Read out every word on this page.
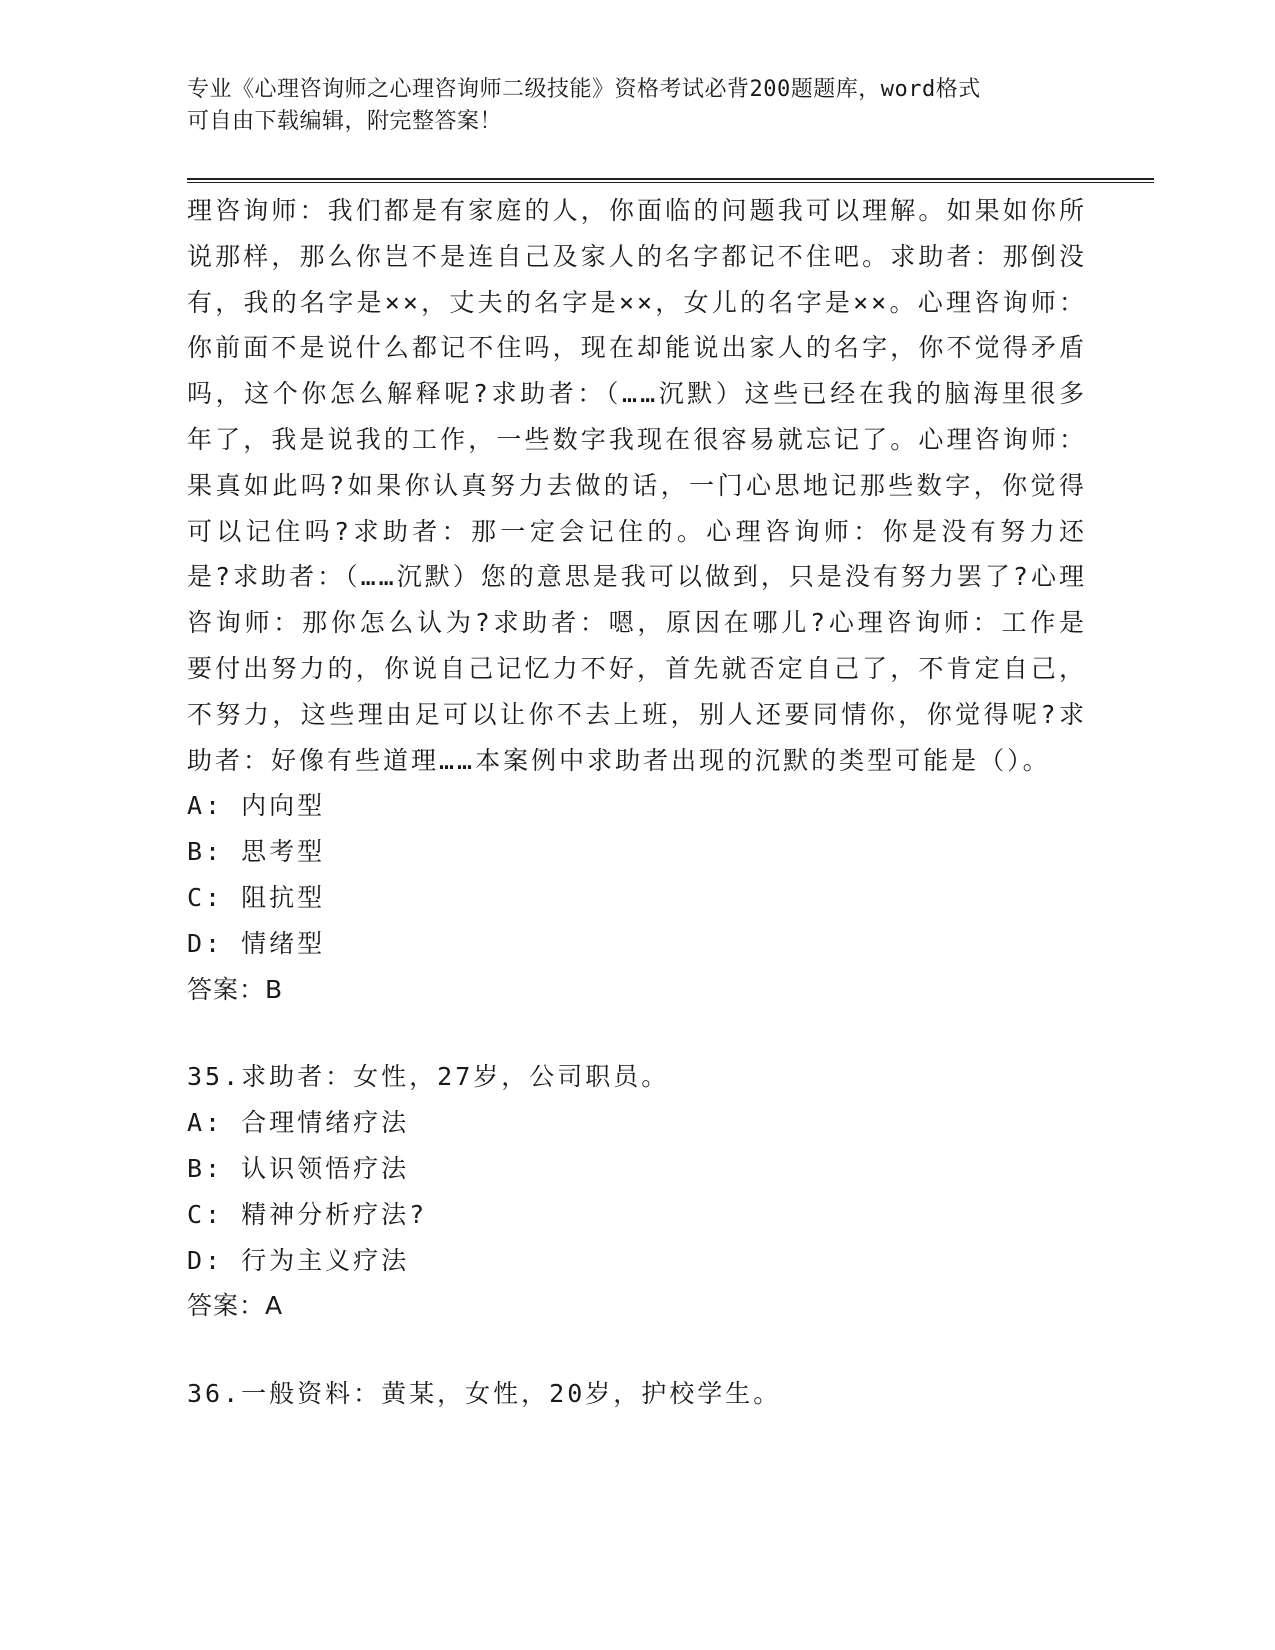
专业《心理咨询师之心理咨询师二级技能》资格考试必背200题题库，word格式
可自由下载编辑，附完整答案！

理咨询师：我们都是有家庭的人，你面临的问题我可以理解。如果如你所说那样，那么你岂不是连自己及家人的名字都记不住吧。求助者：那倒没有，我的名字是××，丈夫的名字是××，女儿的名字是××。心理咨询师：你前面不是说什么都记不住吗，现在却能说出家人的名字，你不觉得矛盾吗，这个你怎么解释呢?求助者：（……沉默）这些已经在我的脑海里很多年了，我是说我的工作，一些数字我现在很容易就忘记了。心理咨询师：果真如此吗?如果你认真努力去做的话，一门心思地记那些数字，你觉得可以记住吗?求助者：那一定会记住的。心理咨询师：你是没有努力还是?求助者：（……沉默）您的意思是我可以做到，只是没有努力罢了?心理咨询师：那你怎么认为?求助者：嗯，原因在哪儿?心理咨询师：工作是要付出努力的，你说自己记忆力不好，首先就否定自己了，不肯定自己，不努力，这些理由足可以让你不去上班，别人还要同情你，你觉得呢?求助者：好像有些道理……本案例中求助者出现的沉默的类型可能是（）。

A: 内向型

B: 思考型

C: 阻抗型

D: 情绪型

答案：B

35.求助者：女性，27岁，公司职员。

A: 合理情绪疗法

B: 认识领悟疗法

C: 精神分析疗法?

D: 行为主义疗法

答案：A

36.一般资料：黄某，女性，20岁，护校学生。
